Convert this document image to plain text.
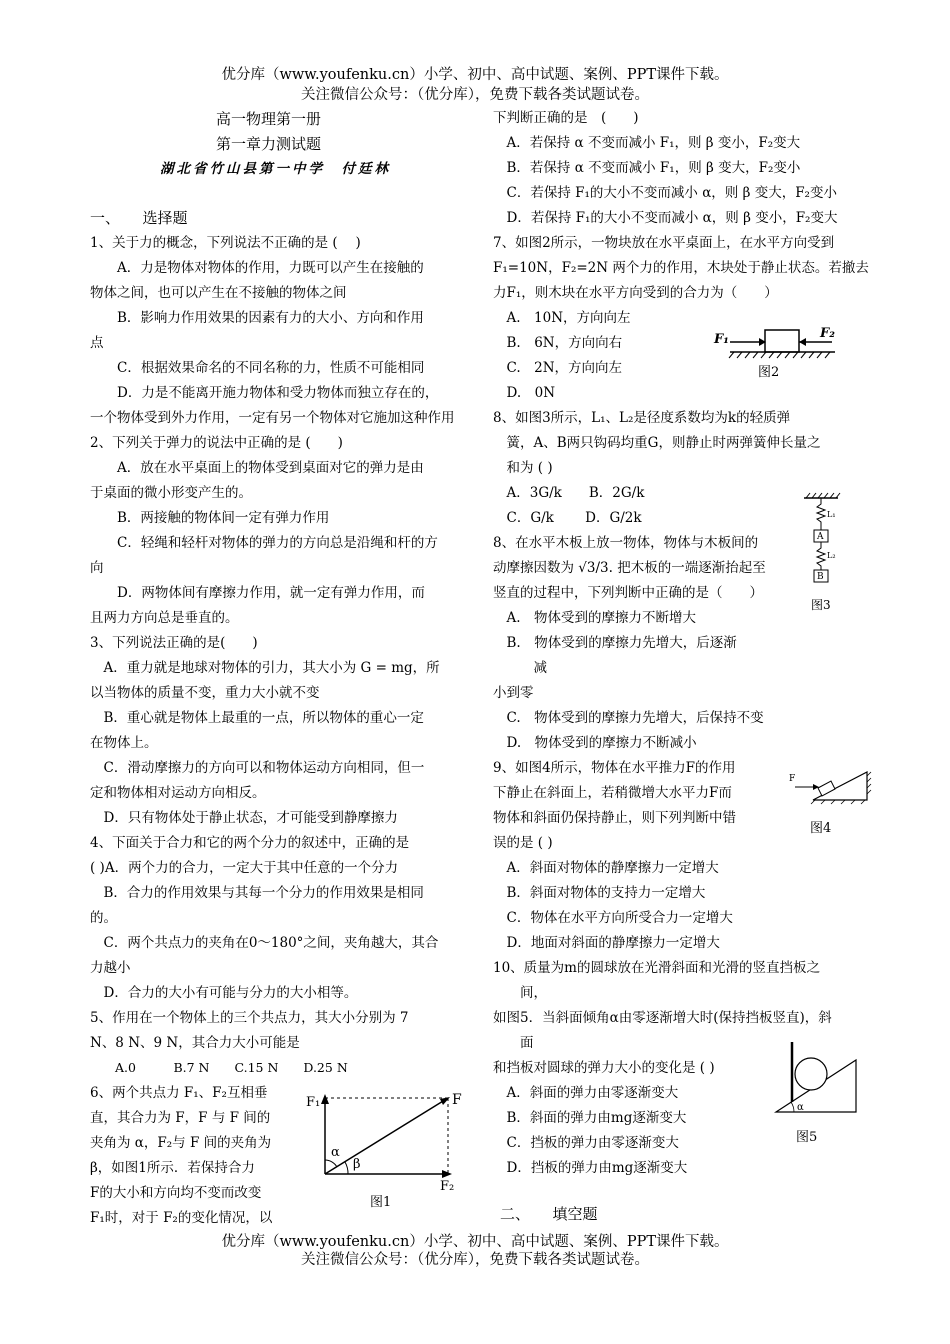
优分库（www.youfenku.cn）小学、初中、高中试题、案例、PPT课件下载。
关注微信公众号：（优分库），免费下载各类试题试卷。
高一物理第一册
第一章力测试题
湖北省竹山县第一中学　付廷林
一、　　选择题
1、关于力的概念，下列说法不正确的是 (　 )
　　A．力是物体对物体的作用，力既可以产生在接触的
物体之间，也可以产生在不接触的物体之间
　　B．影响力作用效果的因素有力的大小、方向和作用
点
　　C．根据效果命名的不同名称的力，性质不可能相同
　　D．力是不能离开施力物体和受力物体而独立存在的，
一个物体受到外力作用，一定有另一个物体对它施加这种作用
2、下列关于弹力的说法中正确的是 (　　)
　　A．放在水平桌面上的物体受到桌面对它的弹力是由
于桌面的微小形变产生的。
　　B．两接触的物体间一定有弹力作用
　　C．轻绳和轻杆对物体的弹力的方向总是沿绳和杆的方
向
　　D．两物体间有摩擦力作用，就一定有弹力作用，而
且两力方向总是垂直的。
3、下列说法正确的是(　　)
　A．重力就是地球对物体的引力，其大小为 G = mg，所
以当物体的质量不变，重力大小就不变
　B．重心就是物体上最重的一点，所以物体的重心一定
在物体上。
　C．滑动摩擦力的方向可以和物体运动方向相同，但一
定和物体相对运动方向相反。
　D．只有物体处于静止状态，才可能受到静摩擦力
4、下面关于合力和它的两个分力的叙述中，正确的是
( )A．两个力的合力，一定大于其中任意的一个分力
　B．合力的作用效果与其每一个分力的作用效果是相同
的。
　C．两个共点力的夹角在0～180°之间，夹角越大，其合
力越小
　D．合力的大小有可能与分力的大小相等。
5、作用在一个物体上的三个共点力，其大小分别为 7
N、8 N、9 N，其合力大小可能是
　　A.0　　　B.7 N　　C.15 N　　D.25 N
6、两个共点力 F₁、F₂互相垂
直，其合力为 F，F 与 F 间的
夹角为 α，F₂与 F 间的夹角为
β，如图1所示．若保持合力
F的大小和方向均不变而改变
F₁时，对于 F₂的变化情况，以
F₁	F
F₂
α
β
图1
下判断正确的是　(　　)
　A．若保持 α 不变而减小 F₁，则 β 变小，F₂变大
　B．若保持 α 不变而减小 F₁，则 β 变大，F₂变小
　C．若保持 F₁的大小不变而减小 α，则 β 变大，F₂变小
　D．若保持 F₁的大小不变而减小 α，则 β 变小，F₂变大
7、如图2所示，一物块放在水平桌面上，在水平方向受到
F₁=10N，F₂=2N 两个力的作用，木块处于静止状态。若撤去
力F₁，则木块在水平方向受到的合力为（　　）
　A.　10N，方向向左
　B.　6N，方向向右
　C.　2N，方向向左
　D.　0N
8、如图3所示，L₁、L₂是径度系数均为k的轻质弹
　簧，A、B两只钩码均重G，则静止时两弹簧伸长量之
　和为 ( )
　A．3G/k　　B．2G/k
　C．G/k　　 D．G/2k
8、在水平木板上放一物体，物体与木板间的
动摩擦因数为 √3/3. 把木板的一端逐渐抬起至
竖直的过程中，下列判断中正确的是（　　）
　A.　物体受到的摩擦力不断增大
　B.　物体受到的摩擦力先增大，后逐渐
　　　减
小到零
　C.　物体受到的摩擦力先增大，后保持不变
　D.　物体受到的摩擦力不断减小
9、如图4所示，物体在水平推力F的作用
下静止在斜面上，若稍微增大水平力F而
物体和斜面仍保持静止，则下列判断中错
误的是 ( )
　A．斜面对物体的静摩擦力一定增大
　B．斜面对物体的支持力一定增大
　C．物体在水平方向所受合力一定增大
　D．地面对斜面的静摩擦力一定增大
10、质量为m的圆球放在光滑斜面和光滑的竖直挡板之
　　间，
如图5．当斜面倾角α由零逐渐增大时(保持挡板竖直)，斜
　　面
和挡板对圆球的弹力大小的变化是 ( )
　A．斜面的弹力由零逐渐变大
　B．斜面的弹力由mg逐渐变大
　C．挡板的弹力由零逐渐变大
　D．挡板的弹力由mg逐渐变大
二、　　填空题
F₁	F₂
图2
L₁
L₂
A
B
图3
F
图4
α
图5
优分库（www.youfenku.cn）小学、初中、高中试题、案例、PPT课件下载。
关注微信公众号：（优分库），免费下载各类试题试卷。
